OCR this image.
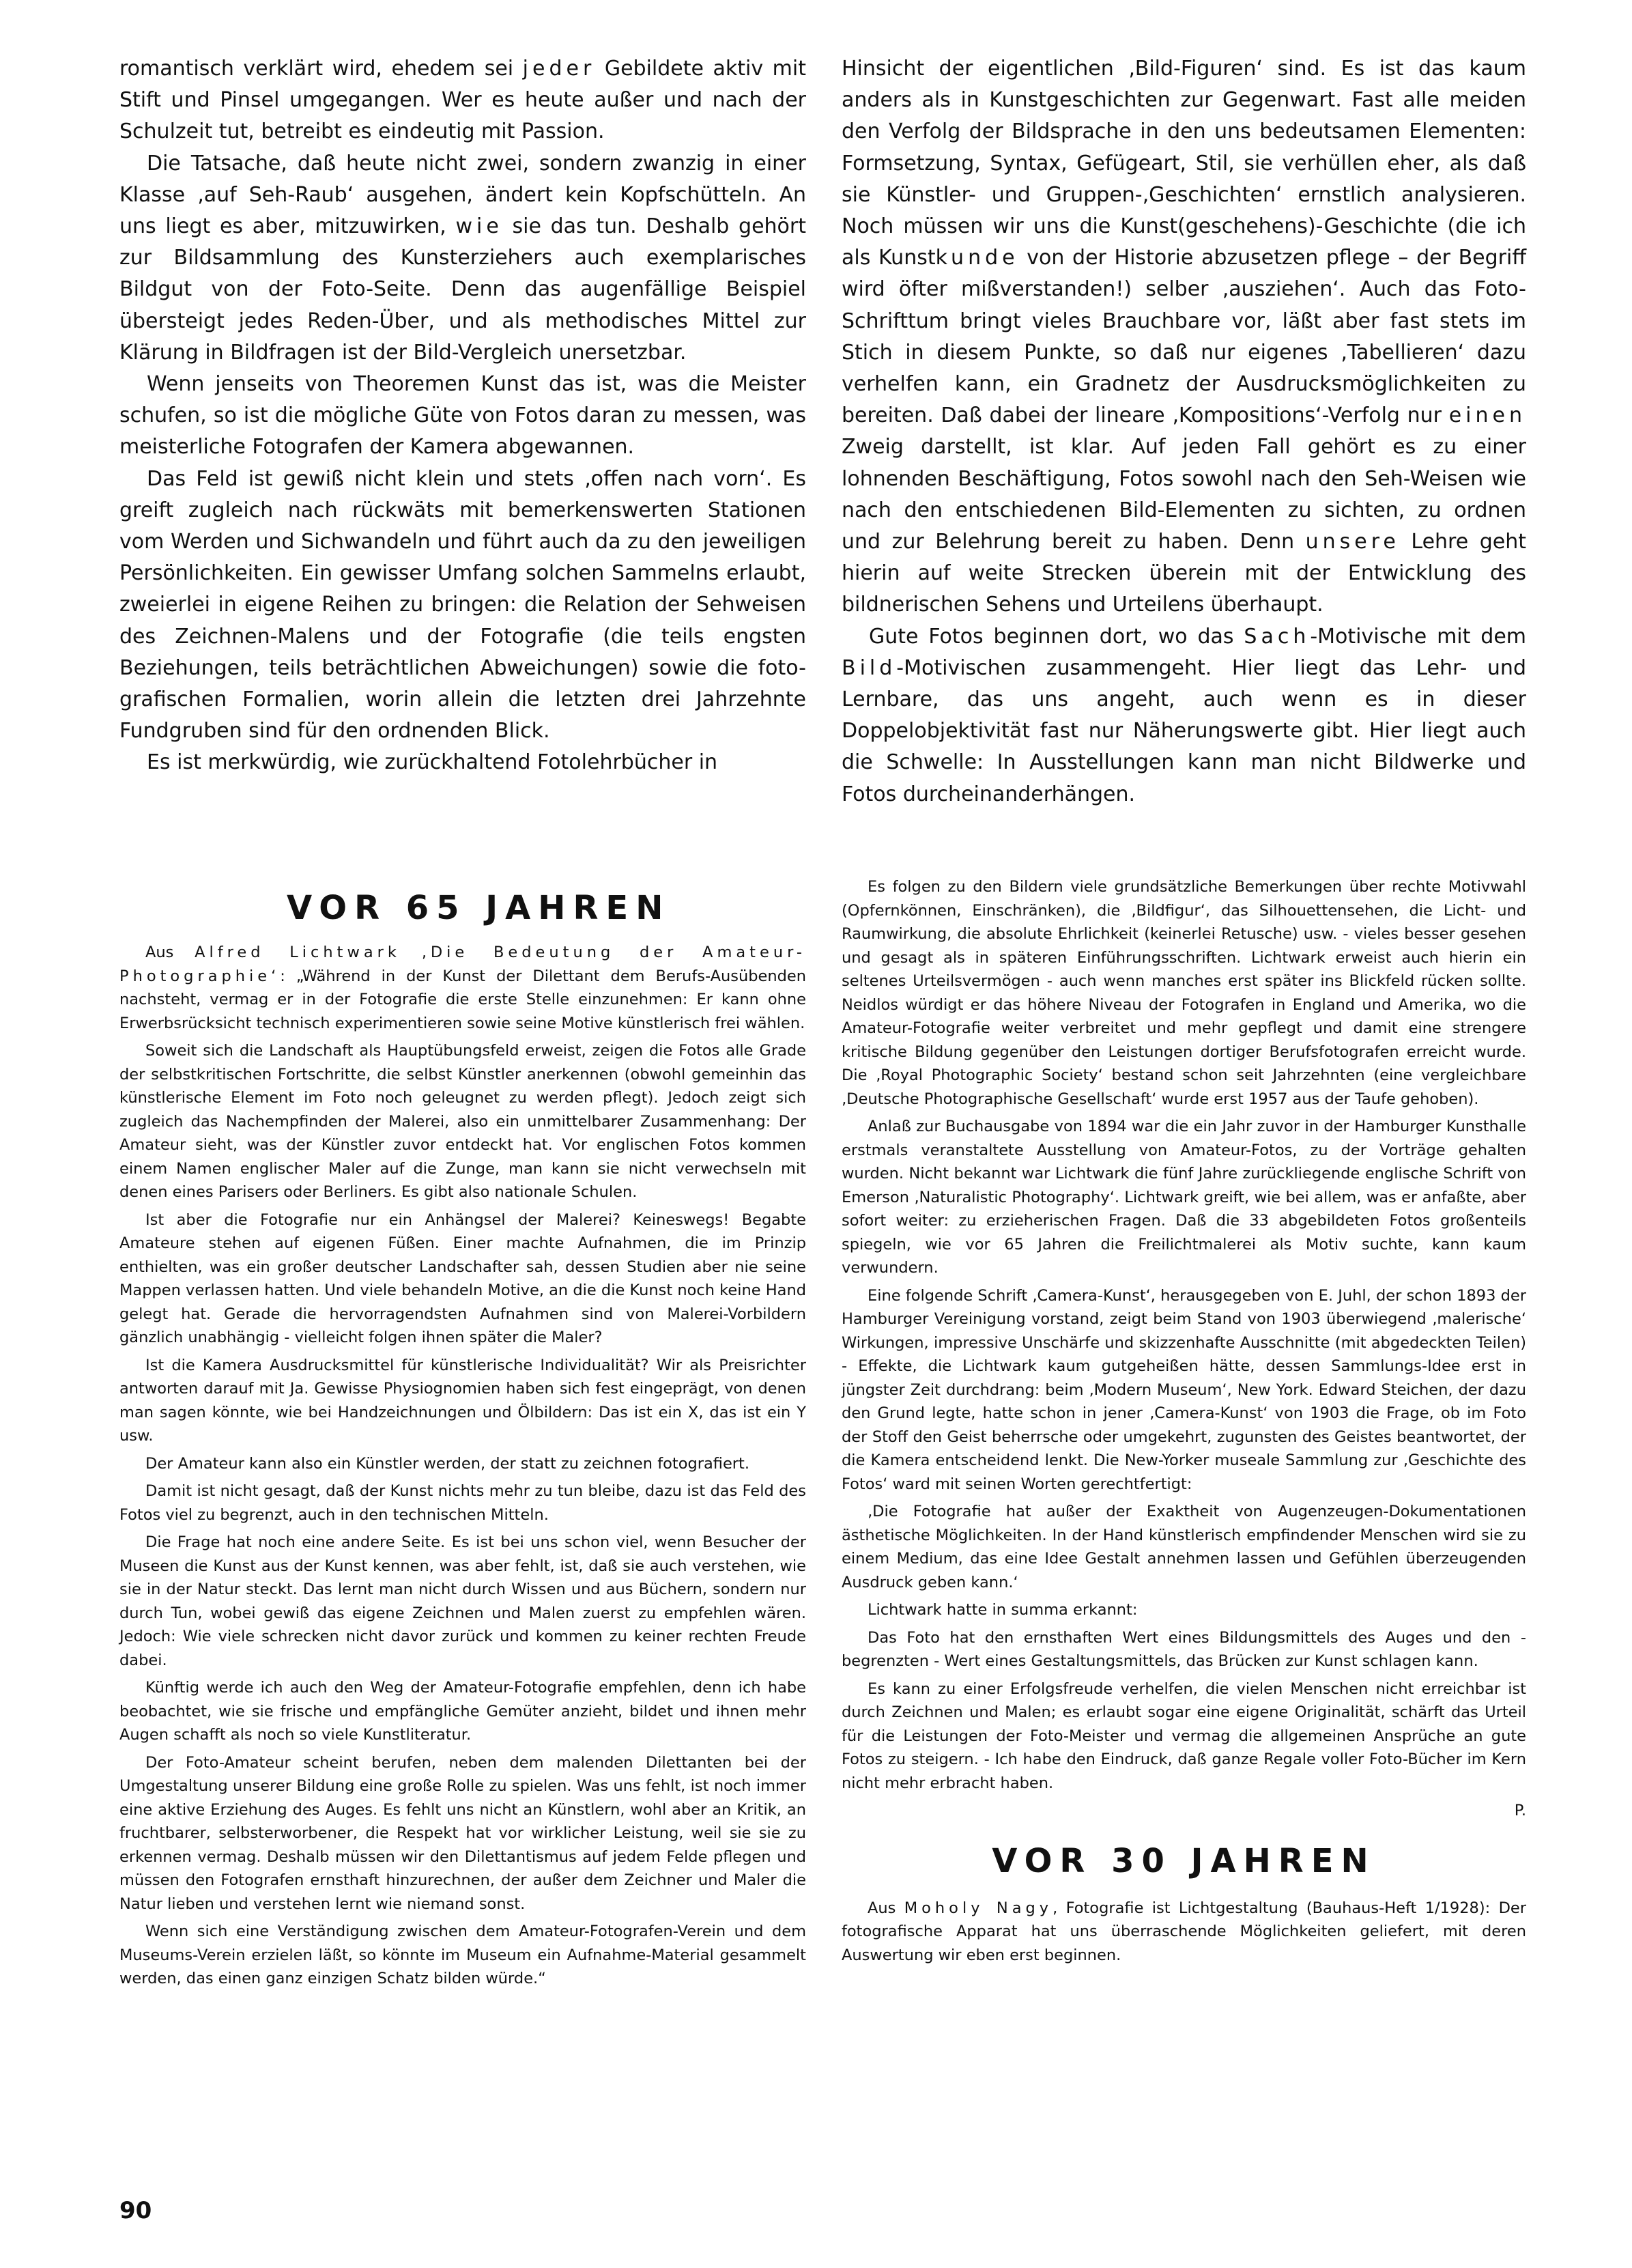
romantisch verklärt wird, ehedem sei jeder Gebildete aktiv mit Stift und Pinsel umgegangen. Wer es heute außer und nach der Schulzeit tut, betreibt es eindeutig mit Passion.

Die Tatsache, daß heute nicht zwei, sondern zwanzig in einer Klasse ‚auf Seh-Raub‘ ausgehen, ändert kein Kopfschütteln. An uns liegt es aber, mitzuwirken, wie sie das tun. Deshalb gehört zur Bildsammlung des Kunsterziehers auch exemplarisches Bildgut von der Foto-Seite. Denn das augenfällige Beispiel übersteigt jedes Reden-Über, und als methodisches Mittel zur Klärung in Bildfragen ist der Bild-Vergleich unersetzbar.

Wenn jenseits von Theoremen Kunst das ist, was die Meister schufen, so ist die mögliche Güte von Fotos daran zu messen, was meisterliche Fotografen der Kamera abgewannen.

Das Feld ist gewiß nicht klein und stets ‚offen nach vorn‘. Es greift zugleich nach rückwäts mit bemerkenswerten Stationen vom Werden und Sichwandeln und führt auch da zu den jeweiligen Persönlichkeiten. Ein gewisser Umfang solchen Sammelns erlaubt, zweierlei in eigene Reihen zu bringen: die Relation der Sehweisen des Zeichnen-Malens und der Fotografie (die teils engsten Beziehungen, teils beträchtlichen Abweichungen) sowie die foto-grafischen Formalien, worin allein die letzten drei Jahrzehnte Fundgruben sind für den ordnenden Blick.

Es ist merkwürdig, wie zurückhaltend Fotolehrbücher in

Hinsicht der eigentlichen ‚Bild-Figuren‘ sind. Es ist das kaum anders als in Kunstgeschichten zur Gegenwart. Fast alle meiden den Verfolg der Bildsprache in den uns bedeutsamen Elementen: Formsetzung, Syntax, Gefügeart, Stil, sie verhüllen eher, als daß sie Künstler- und Gruppen-‚Geschichten‘ ernstlich analysieren. Noch müssen wir uns die Kunst(geschehens)-Geschichte (die ich als Kunstkunde von der Historie abzusetzen pflege – der Begriff wird öfter mißverstanden!) selber ‚ausziehen‘. Auch das Foto-Schrifttum bringt vieles Brauchbare vor, läßt aber fast stets im Stich in diesem Punkte, so daß nur eigenes ‚Tabellieren‘ dazu verhelfen kann, ein Gradnetz der Ausdrucksmöglichkeiten zu bereiten. Daß dabei der lineare ‚Kompositions‘-Verfolg nur einen Zweig darstellt, ist klar. Auf jeden Fall gehört es zu einer lohnenden Beschäftigung, Fotos sowohl nach den Seh-Weisen wie nach den entschiedenen Bild-Elementen zu sichten, zu ordnen und zur Belehrung bereit zu haben. Denn unsere Lehre geht hierin auf weite Strecken überein mit der Entwicklung des bildnerischen Sehens und Urteilens überhaupt.

Gute Fotos beginnen dort, wo das Sach-Motivische mit dem Bild-Motivischen zusammengeht. Hier liegt das Lehr- und Lernbare, das uns angeht, auch wenn es in dieser Doppelobjektivität fast nur Näherungswerte gibt. Hier liegt auch die Schwelle: In Ausstellungen kann man nicht Bildwerke und Fotos durcheinanderhängen.

VOR 65 JAHREN

Aus Alfred Lichtwark ‚Die Bedeutung der Amateur-Photographie‘: „Während in der Kunst der Dilettant dem Berufs-Ausübenden nachsteht, vermag er in der Fotografie die erste Stelle einzunehmen: Er kann ohne Erwerbsrücksicht technisch experimentieren sowie seine Motive künstlerisch frei wählen.

Soweit sich die Landschaft als Hauptübungsfeld erweist, zeigen die Fotos alle Grade der selbstkritischen Fortschritte, die selbst Künstler anerkennen (obwohl gemeinhin das künstlerische Element im Foto noch geleugnet zu werden pflegt). Jedoch zeigt sich zugleich das Nachempfinden der Malerei, also ein unmittelbarer Zusammenhang: Der Amateur sieht, was der Künstler zuvor entdeckt hat. Vor englischen Fotos kommen einem Namen englischer Maler auf die Zunge, man kann sie nicht verwechseln mit denen eines Parisers oder Berliners. Es gibt also nationale Schulen.

Ist aber die Fotografie nur ein Anhängsel der Malerei? Keineswegs! Begabte Amateure stehen auf eigenen Füßen. Einer machte Aufnahmen, die im Prinzip enthielten, was ein großer deutscher Landschafter sah, dessen Studien aber nie seine Mappen verlassen hatten. Und viele behandeln Motive, an die die Kunst noch keine Hand gelegt hat. Gerade die hervorragendsten Aufnahmen sind von Malerei-Vorbildern gänzlich unabhängig - vielleicht folgen ihnen später die Maler?

Ist die Kamera Ausdrucksmittel für künstlerische Individualität? Wir als Preisrichter antworten darauf mit Ja. Gewisse Physiognomien haben sich fest eingeprägt, von denen man sagen könnte, wie bei Handzeichnungen und Ölbildern: Das ist ein X, das ist ein Y usw.

Der Amateur kann also ein Künstler werden, der statt zu zeichnen fotografiert.

Damit ist nicht gesagt, daß der Kunst nichts mehr zu tun bleibe, dazu ist das Feld des Fotos viel zu begrenzt, auch in den technischen Mitteln.

Die Frage hat noch eine andere Seite. Es ist bei uns schon viel, wenn Besucher der Museen die Kunst aus der Kunst kennen, was aber fehlt, ist, daß sie auch verstehen, wie sie in der Natur steckt. Das lernt man nicht durch Wissen und aus Büchern, sondern nur durch Tun, wobei gewiß das eigene Zeichnen und Malen zuerst zu empfehlen wären. Jedoch: Wie viele schrecken nicht davor zurück und kommen zu keiner rechten Freude dabei.

Künftig werde ich auch den Weg der Amateur-Fotografie empfehlen, denn ich habe beobachtet, wie sie frische und empfängliche Gemüter anzieht, bildet und ihnen mehr Augen schafft als noch so viele Kunstliteratur.

Der Foto-Amateur scheint berufen, neben dem malenden Dilettanten bei der Umgestaltung unserer Bildung eine große Rolle zu spielen. Was uns fehlt, ist noch immer eine aktive Erziehung des Auges. Es fehlt uns nicht an Künstlern, wohl aber an Kritik, an fruchtbarer, selbsterworbener, die Respekt hat vor wirklicher Leistung, weil sie sie zu erkennen vermag. Deshalb müssen wir den Dilettantismus auf jedem Felde pflegen und müssen den Fotografen ernsthaft hinzurechnen, der außer dem Zeichner und Maler die Natur lieben und verstehen lernt wie niemand sonst.

Wenn sich eine Verständigung zwischen dem Amateur-Fotografen-Verein und dem Museums-Verein erzielen läßt, so könnte im Museum ein Aufnahme-Material gesammelt werden, das einen ganz einzigen Schatz bilden würde.“

Es folgen zu den Bildern viele grundsätzliche Bemerkungen über rechte Motivwahl (Opfernkönnen, Einschränken), die ‚Bildfigur‘, das Silhouettensehen, die Licht- und Raumwirkung, die absolute Ehrlichkeit (keinerlei Retusche) usw. - vieles besser gesehen und gesagt als in späteren Einführungsschriften. Lichtwark erweist auch hierin ein seltenes Urteilsvermögen - auch wenn manches erst später ins Blickfeld rücken sollte. Neidlos würdigt er das höhere Niveau der Fotografen in England und Amerika, wo die Amateur-Fotografie weiter verbreitet und mehr gepflegt und damit eine strengere kritische Bildung gegenüber den Leistungen dortiger Berufsfotografen erreicht wurde. Die ‚Royal Photographic Society‘ bestand schon seit Jahrzehnten (eine vergleichbare ‚Deutsche Photographische Gesellschaft‘ wurde erst 1957 aus der Taufe gehoben).

Anlaß zur Buchausgabe von 1894 war die ein Jahr zuvor in der Hamburger Kunsthalle erstmals veranstaltete Ausstellung von Amateur-Fotos, zu der Vorträge gehalten wurden. Nicht bekannt war Lichtwark die fünf Jahre zurückliegende englische Schrift von Emerson ‚Naturalistic Photography‘. Lichtwark greift, wie bei allem, was er anfaßte, aber sofort weiter: zu erzieherischen Fragen. Daß die 33 abgebildeten Fotos großenteils spiegeln, wie vor 65 Jahren die Freilichtmalerei als Motiv suchte, kann kaum verwundern.

Eine folgende Schrift ‚Camera-Kunst‘, herausgegeben von E. Juhl, der schon 1893 der Hamburger Vereinigung vorstand, zeigt beim Stand von 1903 überwiegend ‚malerische‘ Wirkungen, impressive Unschärfe und skizzenhafte Ausschnitte (mit abgedeckten Teilen) - Effekte, die Lichtwark kaum gutgeheißen hätte, dessen Sammlungs-Idee erst in jüngster Zeit durchdrang: beim ‚Modern Museum‘, New York. Edward Steichen, der dazu den Grund legte, hatte schon in jener ‚Camera-Kunst‘ von 1903 die Frage, ob im Foto der Stoff den Geist beherrsche oder umgekehrt, zugunsten des Geistes beantwortet, der die Kamera entscheidend lenkt. Die New-Yorker museale Sammlung zur ‚Geschichte des Fotos‘ ward mit seinen Worten gerechtfertigt:

‚Die Fotografie hat außer der Exaktheit von Augenzeugen-Dokumentationen ästhetische Möglichkeiten. In der Hand künstlerisch empfindender Menschen wird sie zu einem Medium, das eine Idee Gestalt annehmen lassen und Gefühlen überzeugenden Ausdruck geben kann.‘

Lichtwark hatte in summa erkannt:

Das Foto hat den ernsthaften Wert eines Bildungsmittels des Auges und den - begrenzten - Wert eines Gestaltungsmittels, das Brücken zur Kunst schlagen kann.

Es kann zu einer Erfolgsfreude verhelfen, die vielen Menschen nicht erreichbar ist durch Zeichnen und Malen; es erlaubt sogar eine eigene Originalität, schärft das Urteil für die Leistungen der Foto-Meister und vermag die allgemeinen Ansprüche an gute Fotos zu steigern. - Ich habe den Eindruck, daß ganze Regale voller Foto-Bücher im Kern nicht mehr erbracht haben.

P.
VOR 30 JAHREN

Aus Moholy Nagy, Fotografie ist Lichtgestaltung (Bauhaus-Heft 1/1928): Der fotografische Apparat hat uns überraschende Möglichkeiten geliefert, mit deren Auswertung wir eben erst beginnen.

90
